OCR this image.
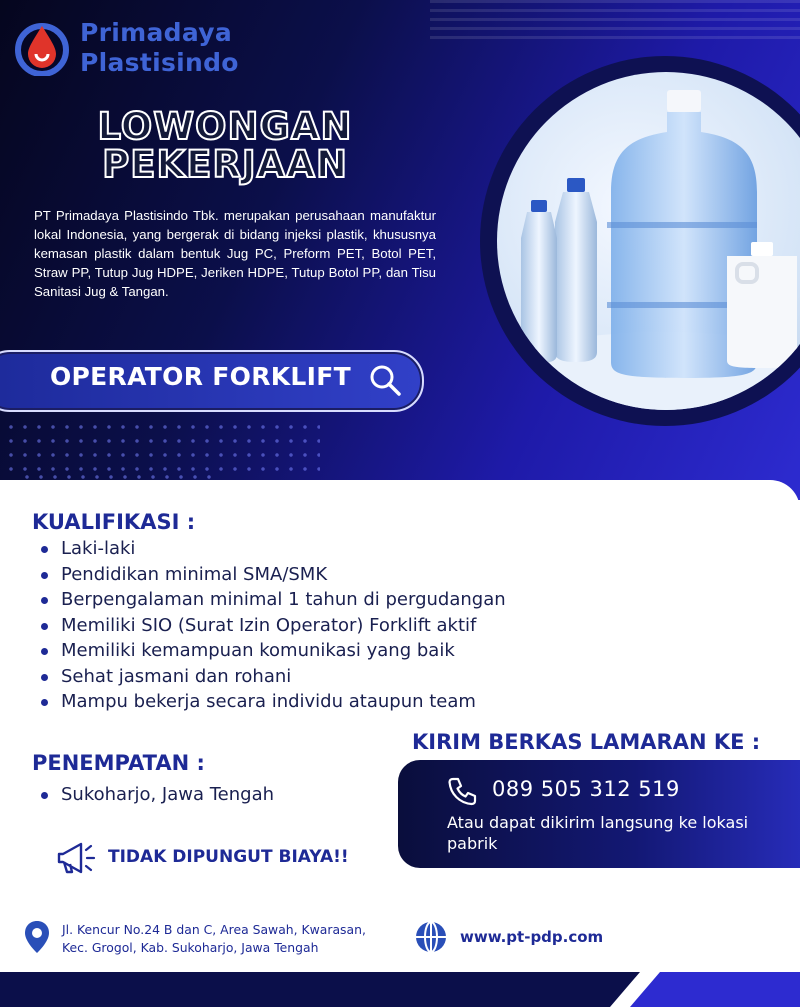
Primadaya
Plastisindo
LOWONGAN
PEKERJAAN
PT Primadaya Plastisindo Tbk. merupakan perusahaan manufaktur lokal Indonesia, yang bergerak di bidang injeksi plastik, khususnya kemasan plastik dalam bentuk Jug PC, Preform PET, Botol PET, Straw PP, Tutup Jug HDPE, Jeriken HDPE, Tutup Botol PP, dan Tisu Sanitasi Jug & Tangan.
OPERATOR FORKLIFT
KUALIFIKASI :
Laki-laki
Pendidikan minimal SMA/SMK
Berpengalaman minimal 1 tahun di pergudangan
Memiliki SIO (Surat Izin Operator) Forklift aktif
Memiliki kemampuan komunikasi yang baik
Sehat jasmani dan rohani
Mampu bekerja secara individu ataupun team
PENEMPATAN :
Sukoharjo, Jawa Tengah
KIRIM BERKAS LAMARAN KE :
089 505 312 519
Atau dapat dikirim langsung ke lokasi pabrik
TIDAK DIPUNGUT BIAYA!!
Jl. Kencur No.24 B dan C, Area Sawah, Kwarasan,
Kec. Grogol, Kab. Sukoharjo, Jawa Tengah
www.pt-pdp.com
